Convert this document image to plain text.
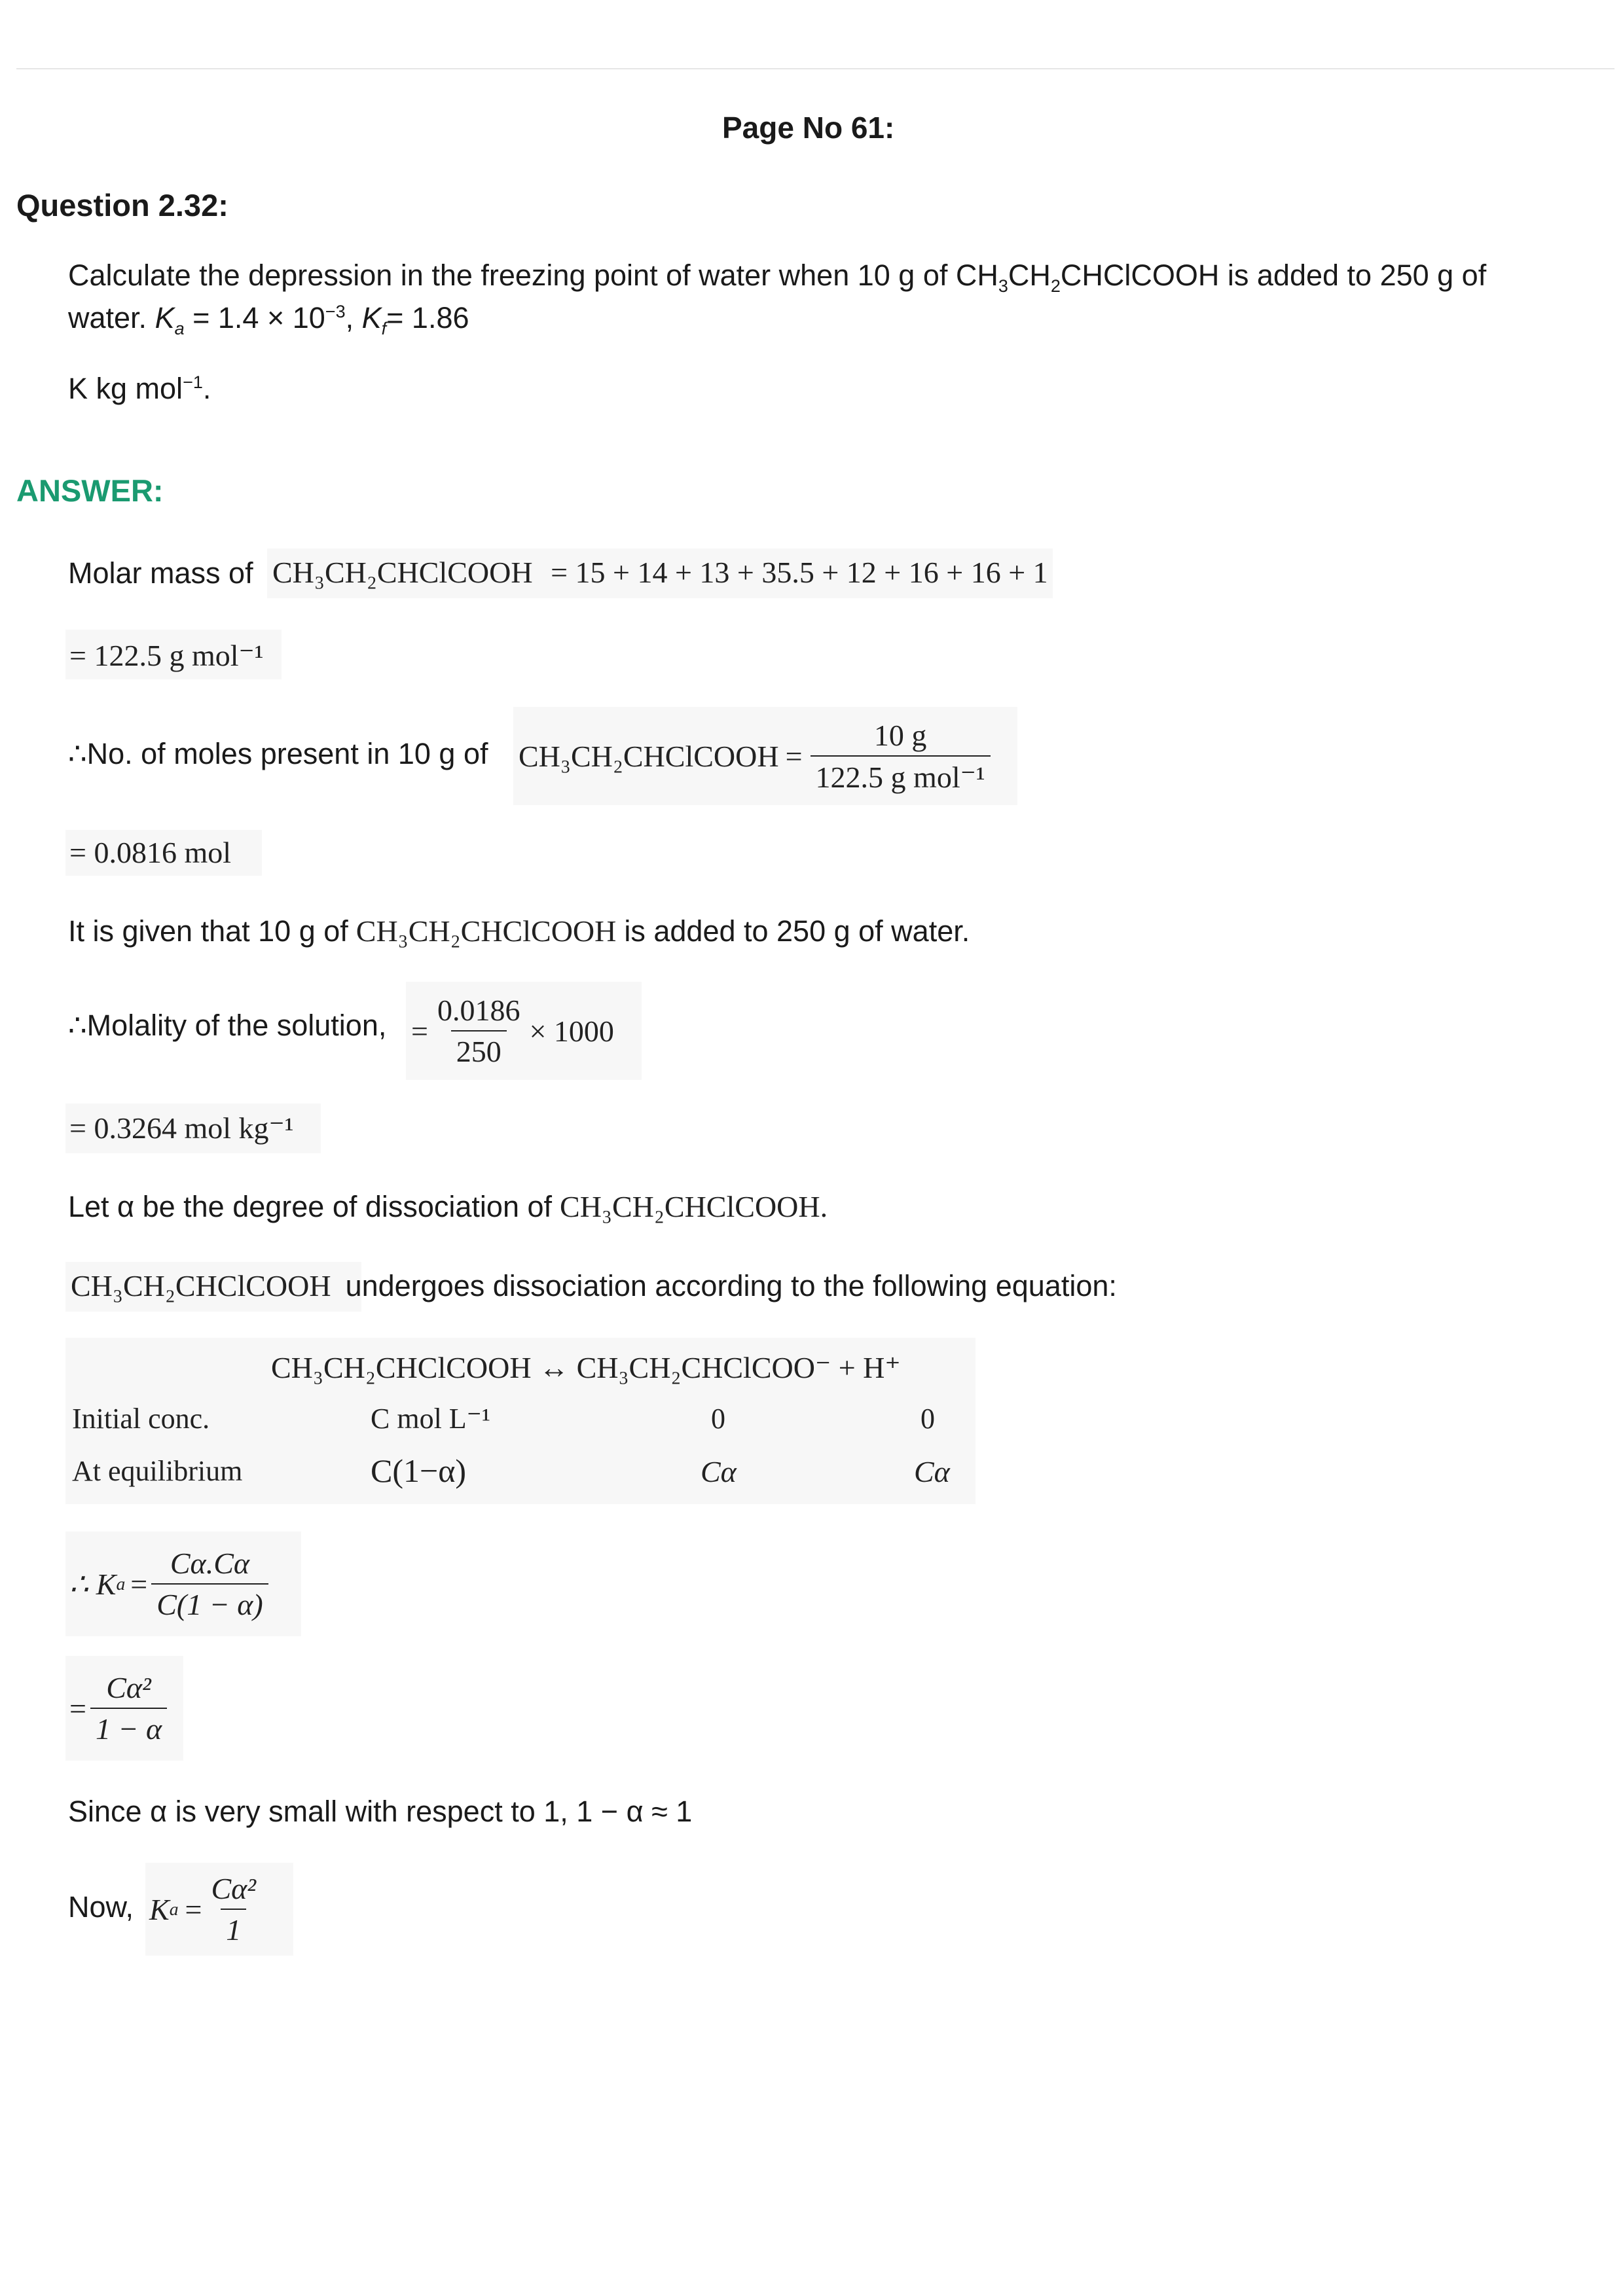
Page No 61:
Question 2.32:
Calculate the depression in the freezing point of water when 10 g of $CH_3CH_2CHClCOOH$ is added to 250 g of
water. $K_a = 1.4 \times 10^{-3}$, $K_f= 1.86$
K kg mol$^{-1}$.
ANSWER:
Molar mass of CH₃CH₂CHClCOOH = 15 + 14 + 13 + 35.5 + 12 + 16 + 16 + 1
= 122.5 g mol⁻¹
∴No. of moles present in 10 g of CH₃CH₂CHClCOOH = $\frac{10 g}{\text{122.5 g mol⁻¹}}$
= 0.0816 mol
It is given that 10 g of CH₃CH₂CHClCOOH is added to 250 g of water.
∴Molality of the solution, = $\frac{0.0186}{250} \times 1000$
= 0.3264 mol kg⁻¹
Let α be the degree of dissociation of CH₃CH₂CHClCOOH .
CH₃CH₂CHClCOOH undergoes dissociation according to the following equation:
CH₃CH₂CHClCOOH ↔ CH₃CH₂CHClCOO⁻ + H⁺
Initial conc.	C mol L⁻¹	0	0
At equilibrium	C(1−α)	Cα	Cα
∴ K $a = \frac{C\alpha.C\alpha}{C(1 - \alpha)}$
= $\frac{\text{Cα²}}{1 - \alpha}$
Since α is very small with respect to 1, 1 − α ≈ 1
Now, K $a = \frac{\text{Cα²}}{1}$
